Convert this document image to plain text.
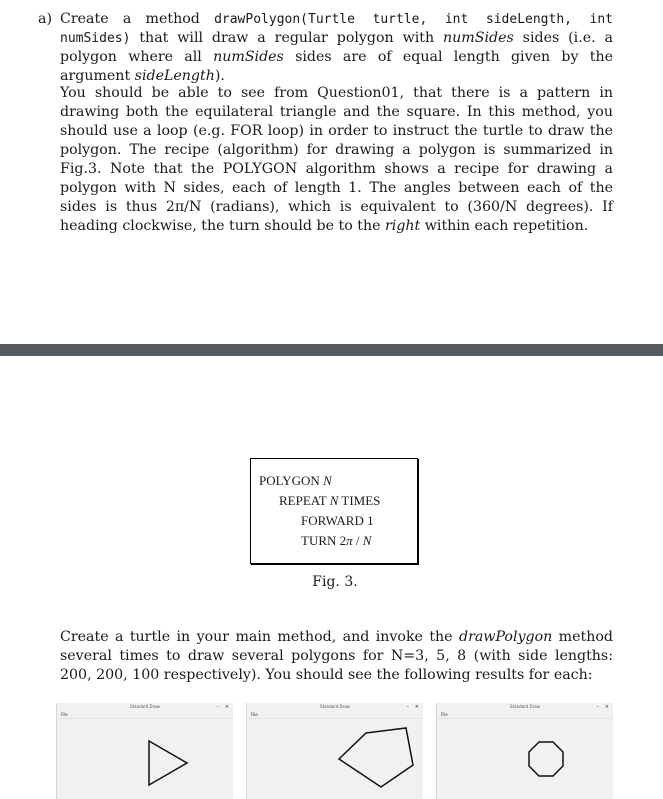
a) Create a method drawPolygon(Turtle turtle, int sideLength, int numSides) that will draw a regular polygon with numSides sides (i.e. a polygon where all numSides sides are of equal length given by the argument sideLength).

You should be able to see from Question01, that there is a pattern in drawing both the equilateral triangle and the square. In this method, you should use a loop (e.g. FOR loop) in order to instruct the turtle to draw the polygon. The recipe (algorithm) for drawing a polygon is summarized in Fig.3. Note that the POLYGON algorithm shows a recipe for drawing a polygon with N sides, each of length 1. The angles between each of the sides is thus 2π/N (radians), which is equivalent to (360/N degrees). If heading clockwise, the turn should be to the right within each repetition.

POLYGON N
REPEAT N TIMES
FORWARD 1
TURN 2π / N
Fig. 3.

Create a turtle in your main method, and invoke the drawPolygon method several times to draw several polygons for N=3, 5, 8 (with side lengths: 200, 200, 100 respectively). You should see the following results for each:

Standard Draw	– ×
File
Standard Draw	– ×
File
Standard Draw	– ×
File
